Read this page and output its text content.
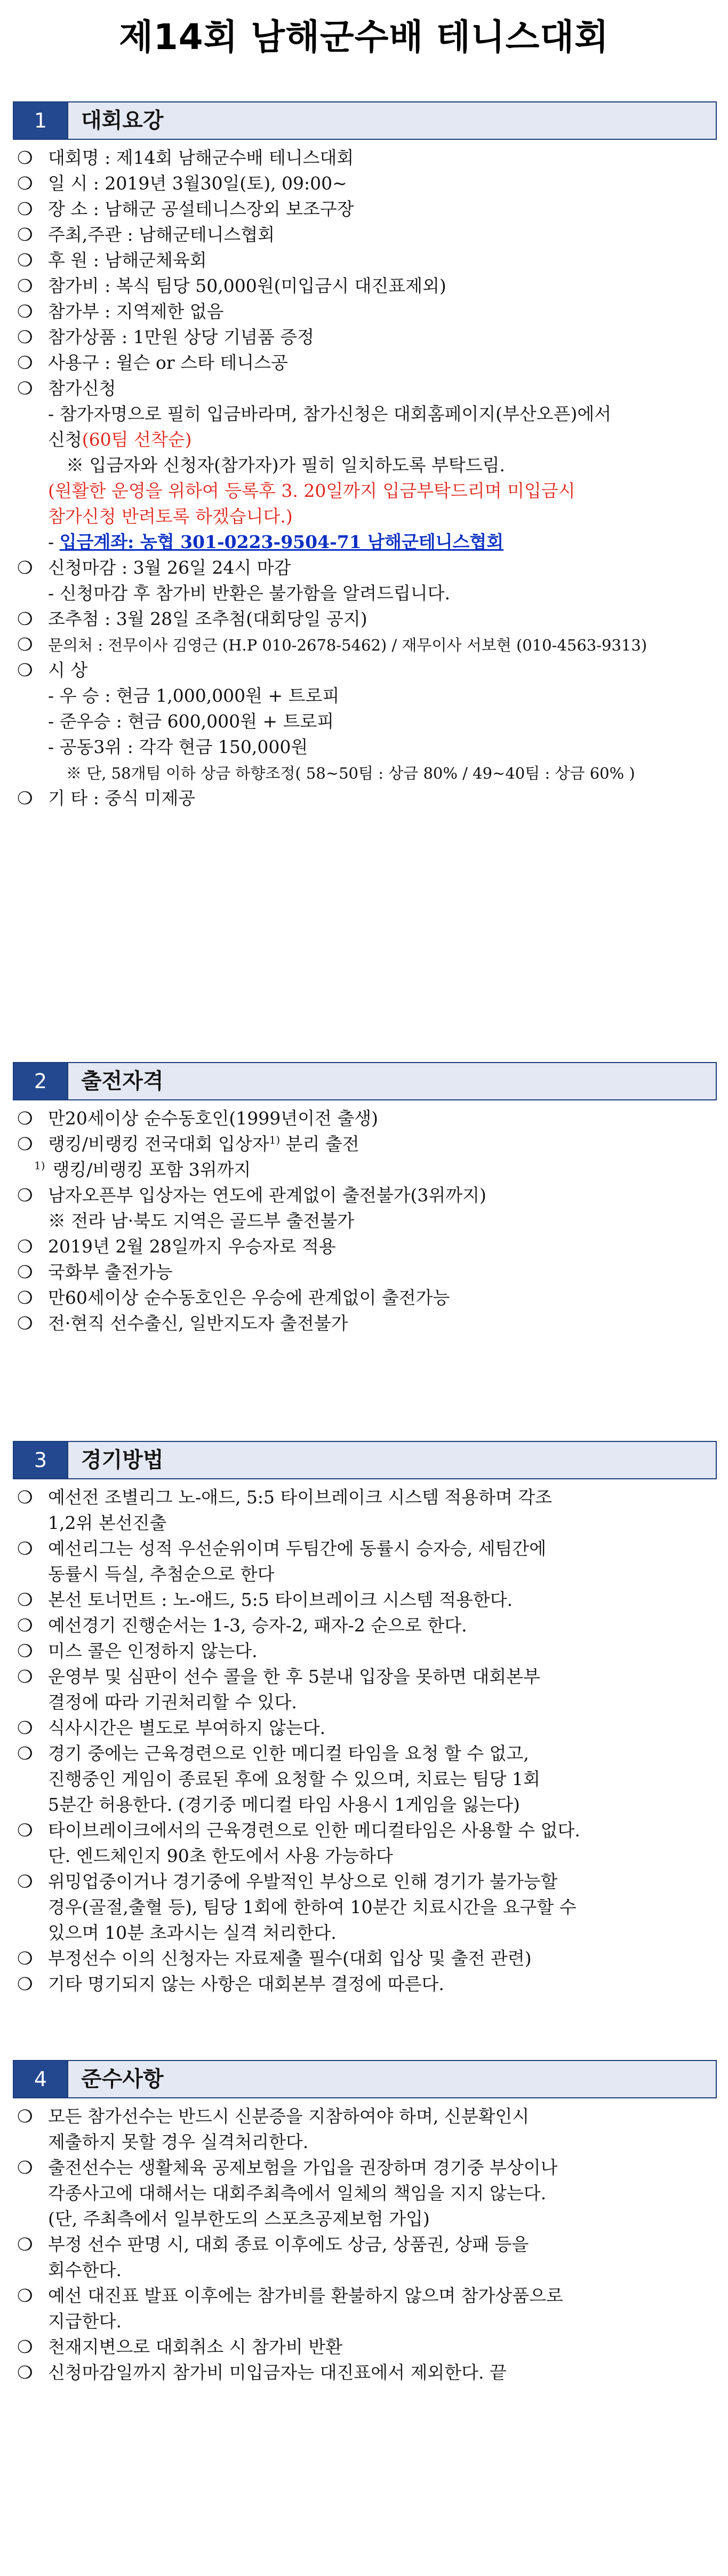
제14회 남해군수배 테니스대회
1	대회요강
❍ 대회명 : 제14회 남해군수배 테니스대회
❍ 일 시 : 2019년 3월30일(토), 09:00~
❍ 장 소 : 남해군 공설테니스장외 보조구장
❍ 주최,주관 : 남해군테니스협회
❍ 후 원 : 남해군체육회
❍ 참가비 : 복식 팀당 50,000원(미입금시 대진표제외)
❍ 참가부 : 지역제한 없음
❍ 참가상품 : 1만원 상당 기념품 증정
❍ 사용구 : 윌슨 or 스타 테니스공
❍ 참가신청
- 참가자명으로 필히 입금바라며, 참가신청은 대회홈페이지(부산오픈)에서
신청(60팀 선착순)
※ 입금자와 신청자(참가자)가 필히 일치하도록 부탁드림.
(원활한 운영을 위하여 등록후 3. 20일까지 입금부탁드리며 미입금시
참가신청 반려토록 하겠습니다.)
- 입금계좌: 농협 301-0223-9504-71 남해군테니스협회
❍ 신청마감 : 3월 26일 24시 마감
- 신청마감 후 참가비 반환은 불가함을 알려드립니다.
❍ 조추첨 : 3월 28일 조추첨(대회당일 공지)
❍ 문의처 : 전무이사 김영근 (H.P 010-2678-5462) / 재무이사 서보현 (010-4563-9313)
❍ 시 상
- 우 승 : 현금 1,000,000원 + 트로피
- 준우승 : 현금 600,000원 + 트로피
- 공동3위 : 각각 현금 150,000원
※ 단, 58개팀 이하 상금 하향조정( 58~50팀 : 상금 80% / 49~40팀 : 상금 60% )
❍ 기 타 : 중식 미제공
2	출전자격
❍ 만20세이상 순수동호인(1999년이전 출생)
❍ 랭킹/비랭킹 전국대회 입상자$^{1)}$ 분리 출전
$^{1)}$ 랭킹/비랭킹 포함 3위까지
❍ 남자오픈부 입상자는 연도에 관계없이 출전불가(3위까지)
※ 전라 남·북도 지역은 골드부 출전불가
❍ 2019년 2월 28일까지 우승자로 적용
❍ 국화부 출전가능
❍ 만60세이상 순수동호인은 우승에 관계없이 출전가능
❍ 전·현직 선수출신, 일반지도자 출전불가
3	경기방법
❍ 예선전 조별리그 노-애드, 5:5 타이브레이크 시스템 적용하며 각조
1,2위 본선진출
❍ 예선리그는 성적 우선순위이며 두팀간에 동률시 승자승, 세팀간에
동률시 득실, 추첨순으로 한다
❍ 본선 토너먼트 : 노-애드, 5:5 타이브레이크 시스템 적용한다.
❍ 예선경기 진행순서는 1-3, 승자-2, 패자-2 순으로 한다.
❍ 미스 콜은 인정하지 않는다.
❍ 운영부 및 심판이 선수 콜을 한 후 5분내 입장을 못하면 대회본부
결정에 따라 기권처리할 수 있다.
❍ 식사시간은 별도로 부여하지 않는다.
❍ 경기 중에는 근육경련으로 인한 메디컬 타임을 요청 할 수 없고,
진행중인 게임이 종료된 후에 요청할 수 있으며, 치료는 팀당 1회
5분간 허용한다. (경기중 메디컬 타임 사용시 1게임을 잃는다)
❍ 타이브레이크에서의 근육경련으로 인한 메디컬타임은 사용할 수 없다.
단. 엔드체인지 90초 한도에서 사용 가능하다
❍ 위밍업중이거나 경기중에 우발적인 부상으로 인해 경기가 불가능할
경우(골절,출혈 등), 팀당 1회에 한하여 10분간 치료시간을 요구할 수
있으며 10분 초과시는 실격 처리한다.
❍ 부정선수 이의 신청자는 자료제출 필수(대회 입상 및 출전 관련)
❍ 기타 명기되지 않는 사항은 대회본부 결정에 따른다.
4	준수사항
❍ 모든 참가선수는 반드시 신분증을 지참하여야 하며, 신분확인시
제출하지 못할 경우 실격처리한다.
❍ 출전선수는 생활체육 공제보험을 가입을 권장하며 경기중 부상이나
각종사고에 대해서는 대회주최측에서 일체의 책임을 지지 않는다.
(단, 주최측에서 일부한도의 스포츠공제보험 가입)
❍ 부정 선수 판명 시, 대회 종료 이후에도 상금, 상품권, 상패 등을
회수한다.
❍ 예선 대진표 발표 이후에는 참가비를 환불하지 않으며 참가상품으로
지급한다.
❍ 천재지변으로 대회취소 시 참가비 반환
❍ 신청마감일까지 참가비 미입금자는 대진표에서 제외한다. 끝
